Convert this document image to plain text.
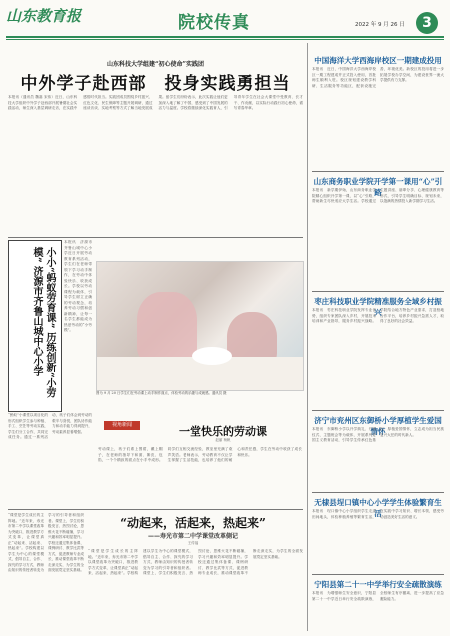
山东教育报	院校传真	2022 年 9 月 26 日	3
山东科技大学组建“初心使命”实践团
中外学子赴西部　投身实践勇担当

本报讯（通讯员 魏嘉 宋伟）近日，山东科技大学组织中外学子赴西部开展暑期社会实践活动，师生深入基层调研走访，在实践中感悟时代担当。实践团成员围绕乡村振兴、红色文化、民生保障等主题开展调研，通过座谈访谈、实地考察等方式了解当地发展成果。留学生们纷纷表示，此次实践让他们更加深入地了解了中国，感受到了中国发展的活力与温度。学校将继续深化实践育人，引导青年学生在社会大课堂中受教育、长才干、作贡献，以实际行动践行初心使命，谱写青春华章。

小小“蚂蚁劳育课” 历练创新“小劳模” 济源市齐鲁山城中心小学

本报讯　济源市齐鲁山城中心小学近日开展劳动教育系列活动，学生们在老师带领下学习动手制作，在劳动中体验快乐、收获成长。学校以劳动课程为载体，引导学生树立正确的劳动观念，培养劳动习惯和创新精神，让每一名学生都能成为热爱劳动的“小劳模”。

“蚂蚁”小课堂以项目化的形式组织学生参与种植、手工、烹饪等劳动实践，学生们分工合作，共同完成任务。通过一系列活动，孩子们体会到劳动的艰辛与喜悦，团队协作能力和动手能力得到提升，劳动素养显著增强。

图为 9 月 20 日学生们在劳动课上动手制作面点，体验劳动的乐趣与成就感。通讯员 摄
视角新闻	一堂快乐的劳动课
赵丽 杨帆

劳动课上，孩子们系上围裙，戴上帽子，在老师的指导下和面、擀皮、包馅，一个个精致的面点在小手中成形。同学们互相交流经验，教室里充满了欢声笑语。老师表示，劳动教育不仅让学生掌握了生活技能，也培养了他们的耐心和责任感，学生在劳动中收获了成长和快乐。

“动起来，活起来，热起来”
——寿光市第二中学课堂改革側记
王传福

“课堂是学生成长的主阵地。”近年来，寿光市第二中学以课堂改革为突破口，推进教学方式变革，让课堂真正“动起来、活起来、热起来”。学校构建以学生为中心的课堂模式，倡导自主、合作、探究的学习方式，教师由知识的传授者转变为学习的引导者和组织者。课堂上，学生们积极发言、热烈讨论，思维火花不断碰撞，学习兴趣和效率明显提升。学校还通过集体备课、课例研讨、教学比武等方式，促进教师专业成长，推动课堂改革不断走深走实，为学生的全面发展奠定坚实基础。

“课堂是学生成长的主阵地。”近年来，寿光市第二中学以课堂改革为突破口，推进教学方式变革，让课堂真正“动起来、活起来、热起来”。学校构建以学生为中心的课堂模式，倡导自主、合作、探究的学习方式，教师由知识的传授者转变为学习的引导者和组织者。课堂上，学生们积极发言、热烈讨论，思维火花不断碰撞，学习兴趣和效率明显提升。学校还通过集体备课、课例研讨、教学比武等方式，促进教师专业成长，推动课堂改革不断走深走实，为学生的全面发展奠定坚实基础。

中国海洋大学西海岸校区一期建成投用

本报讯　近日，中国海洋大学西海岸校区一期工程建成并正式投入使用，首批师生顺利入驻。校区规划建设教学科研、生活服务等功能区，配套设施完善，环境优美。新校区的投用将进一步拓展学校办学空间，为建设世界一流大学提供有力支撑。

山东商务职业学院开学第一课用“心”引路

本报讯　新学期伊始，山东商务职业学院精心组织开学第一课，以“心”引路，帮助新生尽快适应大学生活。学校通过主题讲座、朋辈分享、心理健康教育等形式，引导学生明确目标、规划未来，以饱满的热情投入新学期学习生活。

枣庄科技职业学院精准服务全域乡村振兴

本报讯　枣庄科技职业学院发挥专业优势，组织专家团队深入乡村，开展技术培训和产业指导，服务乡村振兴战略。学院结合地方特色产业需求，打造校地合作平台，培养乡村振兴急需人才，取得了良好的社会效益。

济宁市兖州区东御桥小学厚植学生爱国情怀

本报讯　东御桥小学以开学典礼、升旗仪式、主题班会等为载体，开展系列爱国主义教育活动，引导学生传承红色基因，厚植爱国情怀，立志成为担当民族复兴大任的时代新人。

无棣县埕口镇中心小学学生体验繁育生活

本报讯　埕口镇中心小学组织学生走进田间地头，体验种植养殖等繁育生活，在实践中学习知识、增长本领，感受劳动创造美好生活的意义。

宁阳县第二十一中学举行安全疏散演练

本报讯　为增强师生安全意识，宁阳县第二十一中学近日举行安全疏散演练，全校师生有序撤离，进一步提高了应急避险能力。
